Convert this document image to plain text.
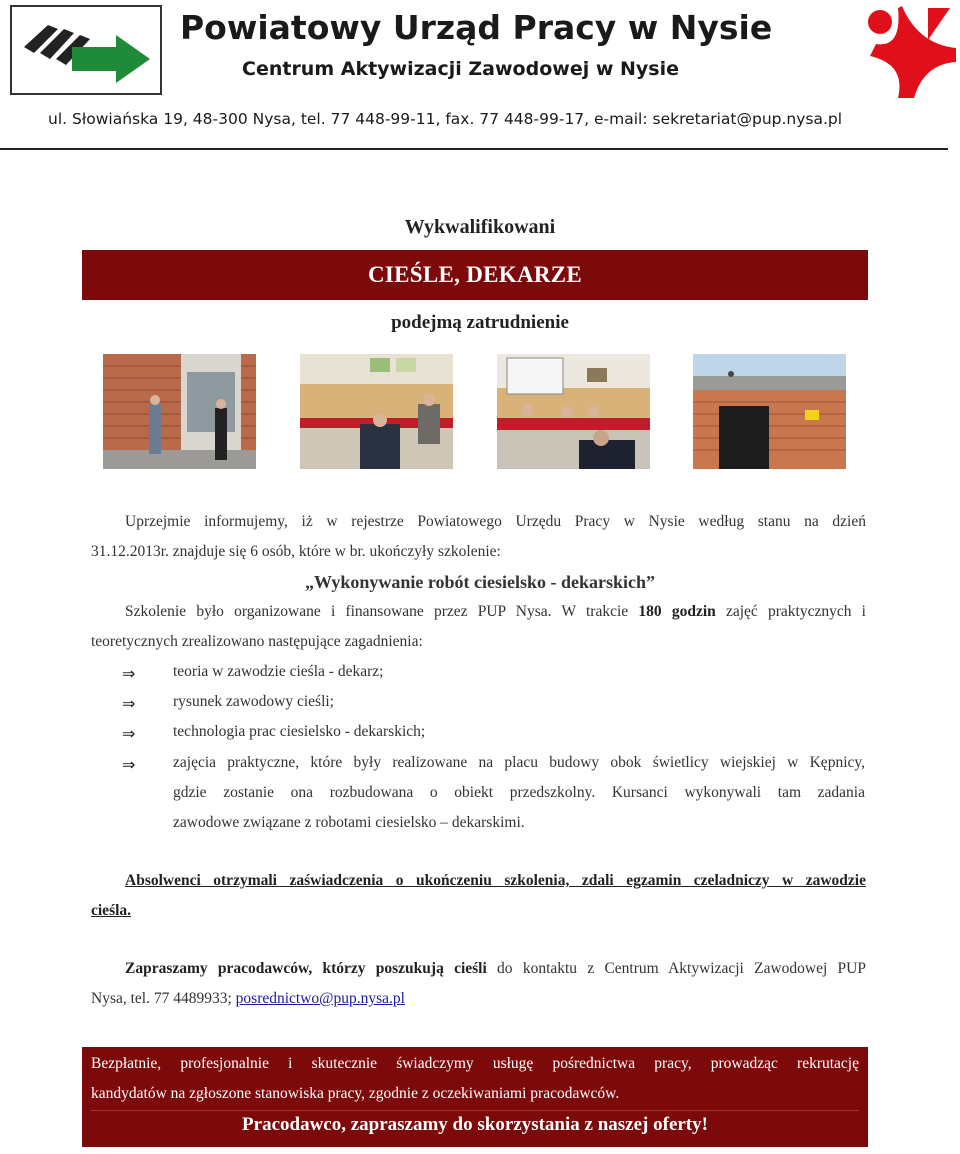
Powiatowy Urząd Pracy w Nysie
Centrum Aktywizacji Zawodowej w Nysie
ul. Słowiańska 19, 48-300 Nysa, tel. 77 448-99-11, fax. 77 448-99-17, e-mail: sekretariat@pup.nysa.pl
Wykwalifikowani
CIEŚLE, DEKARZE
podejmą zatrudnienie
Uprzejmie informujemy, iż w rejestrze Powiatowego Urzędu Pracy w Nysie według stanu na dzień
31.12.2013r. znajduje się 6 osób, które w br. ukończyły szkolenie:
„Wykonywanie robót ciesielsko - dekarskich”
Szkolenie było organizowane i finansowane przez PUP Nysa. W trakcie 180 godzin zajęć praktycznych i
teoretycznych zrealizowano następujące zagadnienia:
⇒ teoria w zawodzie cieśla - dekarz;
⇒ rysunek zawodowy cieśli;
⇒ technologia prac ciesielsko - dekarskich;
⇒ zajęcia praktyczne, które były realizowane na placu budowy obok świetlicy wiejskiej w Kępnicy,
gdzie zostanie ona rozbudowana o obiekt przedszkolny. Kursanci wykonywali tam zadania
zawodowe związane z robotami ciesielsko – dekarskimi.
Absolwenci otrzymali zaświadczenia o ukończeniu szkolenia, zdali egzamin czeladniczy w zawodzie
cieśla.
Zapraszamy pracodawców, którzy poszukują cieśli do kontaktu z Centrum Aktywizacji Zawodowej PUP
Nysa, tel. 77 4489933; posrednictwo@pup.nysa.pl
Bezpłatnie, profesjonalnie i skutecznie świadczymy usługę pośrednictwa pracy, prowadząc rekrutację
kandydatów na zgłoszone stanowiska pracy, zgodnie z oczekiwaniami pracodawców.
Pracodawco, zapraszamy do skorzystania z naszej oferty!
